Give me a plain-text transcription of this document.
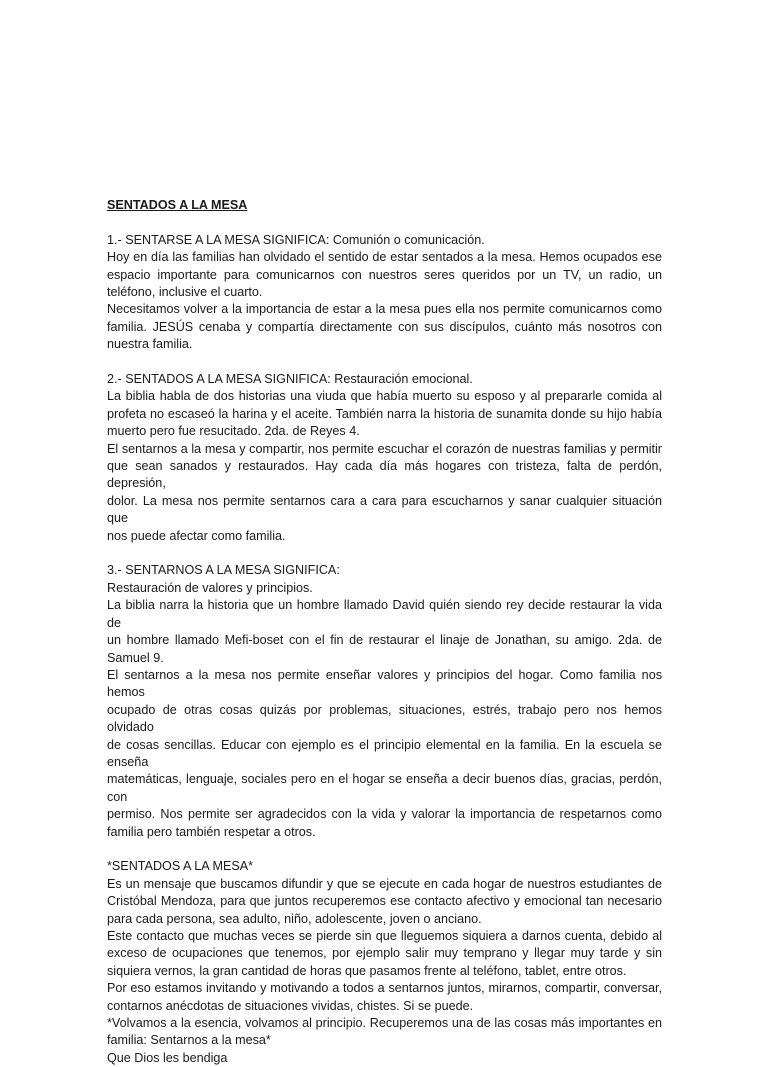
SENTADOS A LA MESA

1.- SENTARSE A LA MESA SIGNIFICA: Comunión o comunicación.

Hoy en día las familias han olvidado el sentido de estar sentados a la mesa. Hemos ocupados ese

espacio importante para comunicarnos con nuestros seres queridos por un TV, un radio, un

teléfono, inclusive el cuarto.

Necesitamos volver a la importancia de estar a la mesa pues ella nos permite comunicarnos como

familia. JESÚS cenaba y compartía directamente con sus discípulos, cuánto más nosotros con

nuestra familia.

2.- SENTADOS A LA MESA SIGNIFICA: Restauración emocional.

La biblia habla de dos historias una viuda que había muerto su esposo y al prepararle comida al

profeta no escaseó la harina y el aceite. También narra la historia de sunamita donde su hijo había

muerto pero fue resucitado. 2da. de Reyes 4.

El sentarnos a la mesa y compartir, nos permite escuchar el corazón de nuestras familias y permitir

que sean sanados y restaurados. Hay cada día más hogares con tristeza, falta de perdón, depresión,

dolor. La mesa nos permite sentarnos cara a cara para escucharnos y sanar cualquier situación que

nos puede afectar como familia.

3.- SENTARNOS A LA MESA SIGNIFICA:

Restauración de valores y principios.

La biblia narra la historia que un hombre llamado David quién siendo rey decide restaurar la vida de

un hombre llamado Mefi-boset con el fin de restaurar el linaje de Jonathan, su amigo. 2da. de

Samuel 9.

El sentarnos a la mesa nos permite enseñar valores y principios del hogar. Como familia nos hemos

ocupado de otras cosas quizás por problemas, situaciones, estrés, trabajo pero nos hemos olvidado

de cosas sencillas. Educar con ejemplo es el principio elemental en la familia. En la escuela se enseña

matemáticas, lenguaje, sociales pero en el hogar se enseña a decir buenos días, gracias, perdón, con

permiso. Nos permite ser agradecidos con la vida y valorar la importancia de respetarnos como

familia pero también respetar a otros.

*SENTADOS A LA MESA*

Es un mensaje que buscamos difundir y que se ejecute en cada hogar de nuestros estudiantes de

Cristóbal Mendoza, para que juntos recuperemos ese contacto afectivo y emocional tan necesario

para cada persona, sea adulto, niño, adolescente, joven o anciano.

Este contacto que muchas veces se pierde sin que lleguemos siquiera a darnos cuenta, debido al

exceso de ocupaciones que tenemos, por ejemplo salir muy temprano y llegar muy tarde y sin

siquiera vernos, la gran cantidad de horas que pasamos frente al teléfono, tablet, entre otros.

Por eso estamos invitando y motivando a todos a sentarnos juntos, mirarnos, compartir, conversar,

contarnos anécdotas de situaciones vividas, chistes. Si se puede.

*Volvamos a la esencia, volvamos al principio. Recuperemos una de las cosas más importantes en

familia: Sentarnos a la mesa*

Que Dios les bendiga
